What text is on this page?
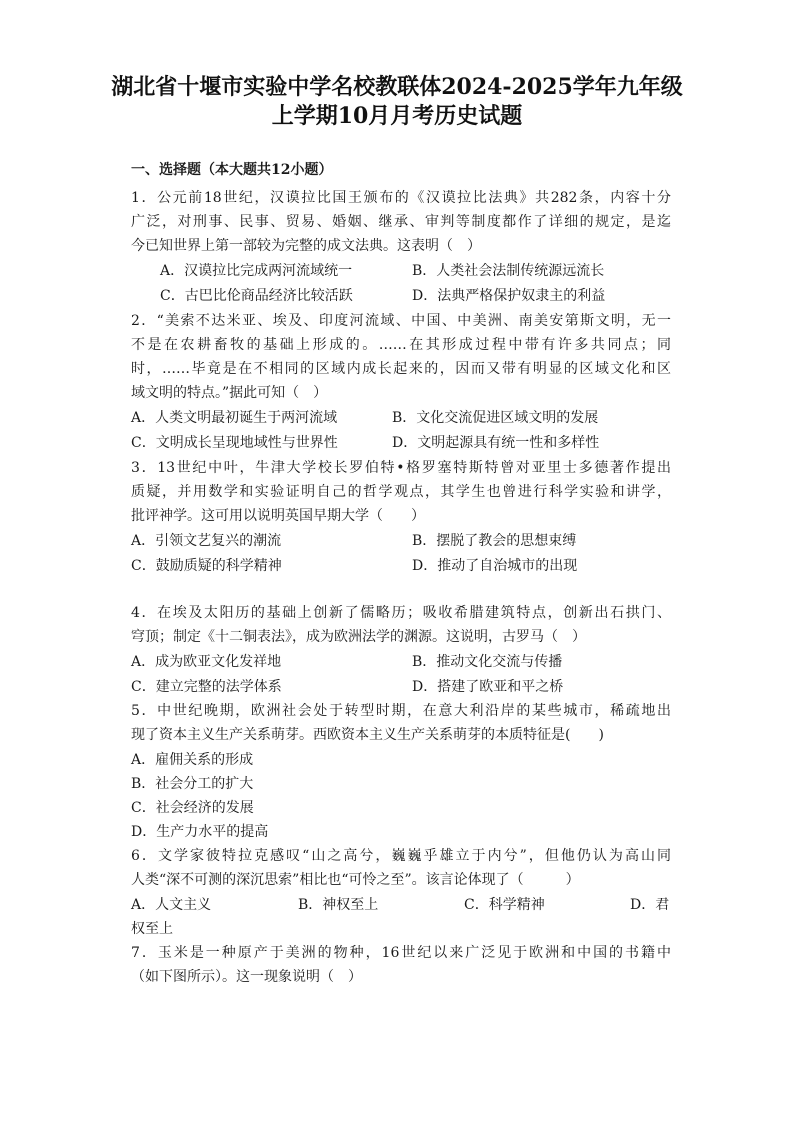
湖北省十堰市实验中学名校教联体2024-2025学年九年级
上学期10月月考历史试题
一、选择题（本大题共12小题）
1．公元前18世纪，汉谟拉比国王颁布的《汉谟拉比法典》共282条，内容十分
广泛，对刑事、民事、贸易、婚姻、继承、审判等制度都作了详细的规定，是迄
今已知世界上第一部较为完整的成文法典。这表明（　）
A．汉谟拉比完成两河流域统一	B．人类社会法制传统源远流长
C．古巴比伦商品经济比较活跃	D．法典严格保护奴隶主的利益
2．“美索不达米亚、埃及、印度河流域、中国、中美洲、南美安第斯文明，无一
不是在农耕畜牧的基础上形成的。……在其形成过程中带有许多共同点；同
时，……毕竟是在不相同的区域内成长起来的，因而又带有明显的区域文化和区
域文明的特点。”据此可知（　）
A．人类文明最初诞生于两河流域	B．文化交流促进区域文明的发展
C．文明成长呈现地域性与世界性	D．文明起源具有统一性和多样性
3．13世纪中叶，牛津大学校长罗伯特•格罗塞特斯特曾对亚里士多德著作提出
质疑，并用数学和实验证明自己的哲学观点，其学生也曾进行科学实验和讲学，
批评神学。这可用以说明英国早期大学（　　）
A．引领文艺复兴的潮流	B．摆脱了教会的思想束缚
C．鼓励质疑的科学精神	D．推动了自治城市的出现
4．在埃及太阳历的基础上创新了儒略历；吸收希腊建筑特点，创新出石拱门、
穹顶；制定《十二铜表法》，成为欧洲法学的渊源。这说明，古罗马（　）
A．成为欧亚文化发祥地	B．推动文化交流与传播
C．建立完整的法学体系	D．搭建了欧亚和平之桥
5．中世纪晚期，欧洲社会处于转型时期，在意大利沿岸的某些城市，稀疏地出
现了资本主义生产关系萌芽。西欧资本主义生产关系萌芽的本质特征是(　　)
A．雇佣关系的形成
B．社会分工的扩大
C．社会经济的发展
D．生产力水平的提高
6．文学家彼特拉克感叹“山之高兮，巍巍乎雄立于内兮”，但他仍认为高山同
人类“深不可测的深沉思索”相比也“可怜之至”。该言论体现了（　　　）
A．人文主义	B．神权至上	C．科学精神	D．君
权至上
7．玉米是一种原产于美洲的物种，16世纪以来广泛见于欧洲和中国的书籍中
（如下图所示）。这一现象说明（　）
